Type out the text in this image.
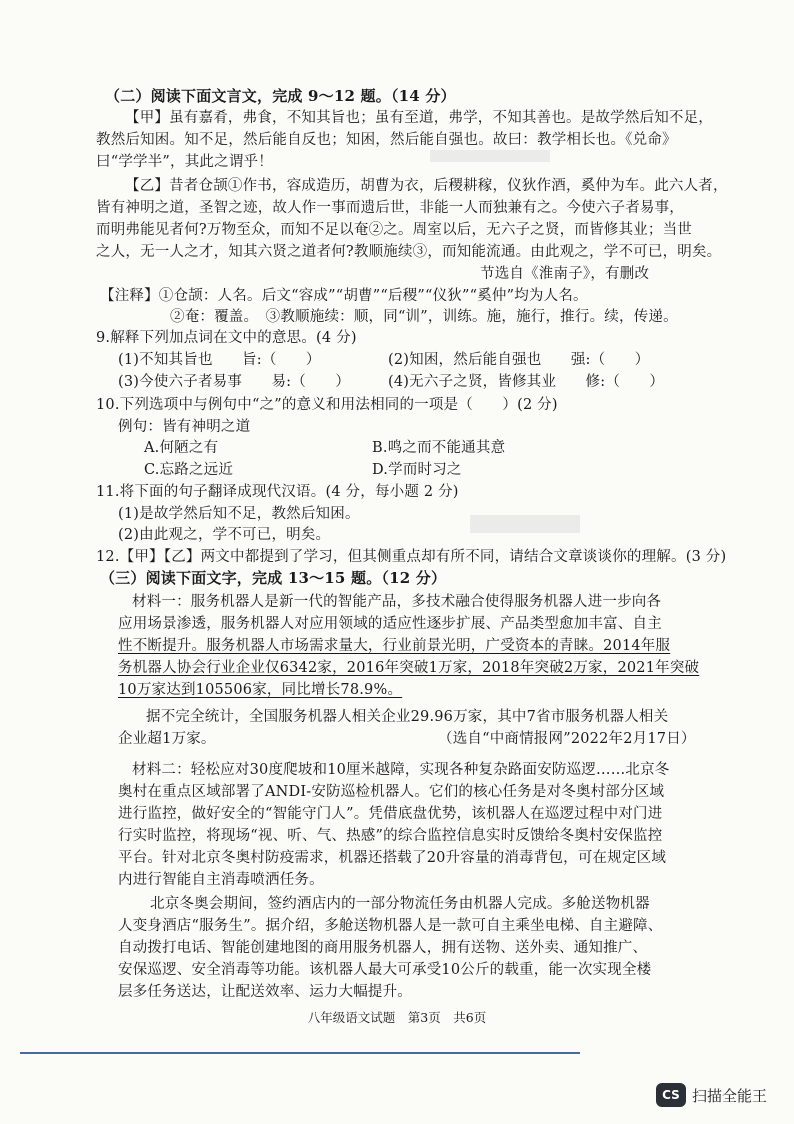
（二）阅读下面文言文，完成 9～12 题。（14 分）
【甲】虽有嘉肴，弗食，不知其旨也；虽有至道，弗学，不知其善也。是故学然后知不足，
教然后知困。知不足，然后能自反也；知困，然后能自强也。故曰：教学相长也。《兑命》
曰“学学半”，其此之谓乎！
【乙】昔者仓颉①作书，容成造历，胡曹为衣，后稷耕稼，仪狄作酒，奚仲为车。此六人者，
皆有神明之道，圣智之迹，故人作一事而遗后世，非能一人而独兼有之。今使六子者易事，
而明弗能见者何?万物至众，而知不足以奄②之。周室以后，无六子之贤，而皆修其业；当世
之人，无一人之才，知其六贤之道者何?教顺施续③，而知能流通。由此观之，学不可已，明矣。
节选自《淮南子》，有删改
【注释】①仓颉：人名。后文“容成”“胡曹”“后稷”“仪狄”“奚仲”均为人名。
②奄：覆盖。　③教顺施续：顺，同“训”，训练。施，施行，推行。续，传递。
9.解释下列加点词在文中的意思。(4 分)
(1)不知其旨也　　旨:（　　）	(2)知困，然后能自强也　　强:（　　）
(3)今使六子者易事　　易:（　　）	(4)无六子之贤，皆修其业　　修:（　　）
10.下列选项中与例句中“之”的意义和用法相同的一项是（　　）(2 分)
例句：皆有神明之道
A.何陋之有	B.鸣之而不能通其意
C.忘路之远近	D.学而时习之
11.将下面的句子翻译成现代汉语。(4 分，每小题 2 分)
(1)是故学然后知不足，教然后知困。
(2)由此观之，学不可已，明矣。
12.【甲】【乙】两文中都提到了学习，但其侧重点却有所不同，请结合文章谈谈你的理解。(3 分)
（三）阅读下面文字，完成 13～15 题。（12 分）
材料一：服务机器人是新一代的智能产品，多技术融合使得服务机器人进一步向各
应用场景渗透，服务机器人对应用领域的适应性逐步扩展、产品类型愈加丰富、自主
性不断提升。服务机器人市场需求量大，行业前景光明，广受资本的青睐。2014年服
务机器人协会行业企业仅6342家，2016年突破1万家，2018年突破2万家，2021年突破
10万家达到105506家，同比增长78.9%。
据不完全统计，全国服务机器人相关企业29.96万家，其中7省市服务机器人相关
企业超1万家。	（选自“中商情报网”2022年2月17日）
材料二：轻松应对30度爬坡和10厘米越障，实现各种复杂路面安防巡逻……北京冬
奥村在重点区域部署了ANDI-安防巡检机器人。它们的核心任务是对冬奥村部分区域
进行监控，做好安全的“智能守门人”。凭借底盘优势，该机器人在巡逻过程中对门进
行实时监控，将现场“视、听、气、热感”的综合监控信息实时反馈给冬奥村安保监控
平台。针对北京冬奥村防疫需求，机器还搭载了20升容量的消毒背包，可在规定区域
内进行智能自主消毒喷洒任务。
北京冬奥会期间，签约酒店内的一部分物流任务由机器人完成。多舱送物机器
人变身酒店“服务生”。据介绍，多舱送物机器人是一款可自主乘坐电梯、自主避障、
自动拨打电话、智能创建地图的商用服务机器人，拥有送物、送外卖、通知推广、
安保巡逻、安全消毒等功能。该机器人最大可承受10公斤的载重，能一次实现全楼
层多任务送达，让配送效率、运力大幅提升。
八年级语文试题　第3页　共6页
CS 扫描全能王
